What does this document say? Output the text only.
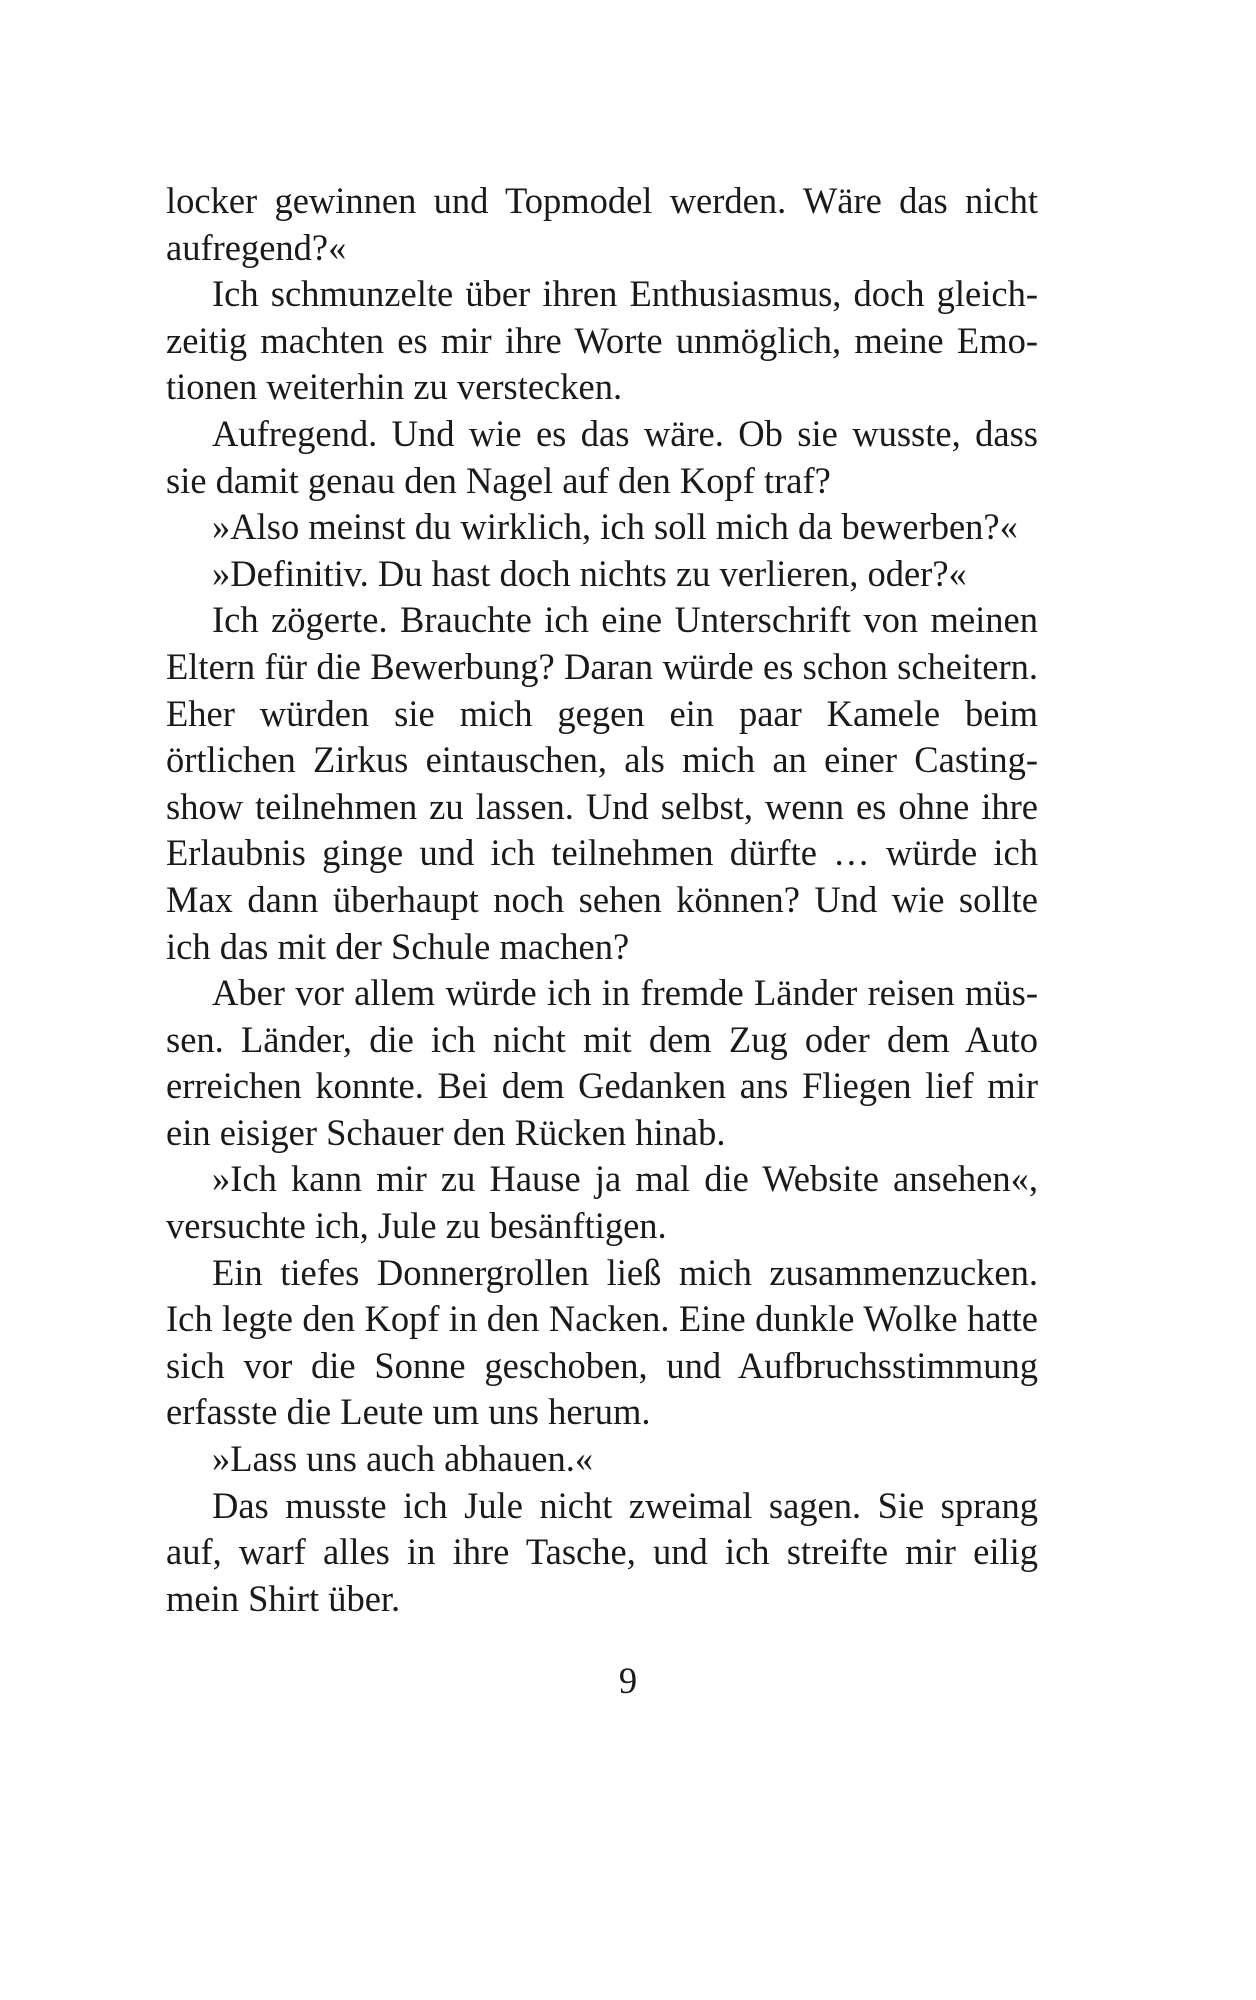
locker gewinnen und Topmodel werden. Wäre das nicht aufregend?«

Ich schmunzelte über ihren Enthusiasmus, doch gleichzeitig machten es mir ihre Worte unmöglich, meine Emotionen weiterhin zu verstecken.

Aufregend. Und wie es das wäre. Ob sie wusste, dass sie damit genau den Nagel auf den Kopf traf?

»Also meinst du wirklich, ich soll mich da bewerben?«

»Definitiv. Du hast doch nichts zu verlieren, oder?«

Ich zögerte. Brauchte ich eine Unterschrift von meinen Eltern für die Bewerbung? Daran würde es schon scheitern. Eher würden sie mich gegen ein paar Kamele beim örtlichen Zirkus eintauschen, als mich an einer Castingshow teilnehmen zu lassen. Und selbst, wenn es ohne ihre Erlaubnis ginge und ich teilnehmen dürfte … würde ich Max dann überhaupt noch sehen können? Und wie sollte ich das mit der Schule machen?

Aber vor allem würde ich in fremde Länder reisen müssen. Länder, die ich nicht mit dem Zug oder dem Auto erreichen konnte. Bei dem Gedanken ans Fliegen lief mir ein eisiger Schauer den Rücken hinab.

»Ich kann mir zu Hause ja mal die Website ansehen«, versuchte ich, Jule zu besänftigen.

Ein tiefes Donnergrollen ließ mich zusammenzucken. Ich legte den Kopf in den Nacken. Eine dunkle Wolke hatte sich vor die Sonne geschoben, und Aufbruchsstimmung erfasste die Leute um uns herum.

»Lass uns auch abhauen.«

Das musste ich Jule nicht zweimal sagen. Sie sprang auf, warf alles in ihre Tasche, und ich streifte mir eilig mein Shirt über.

9
